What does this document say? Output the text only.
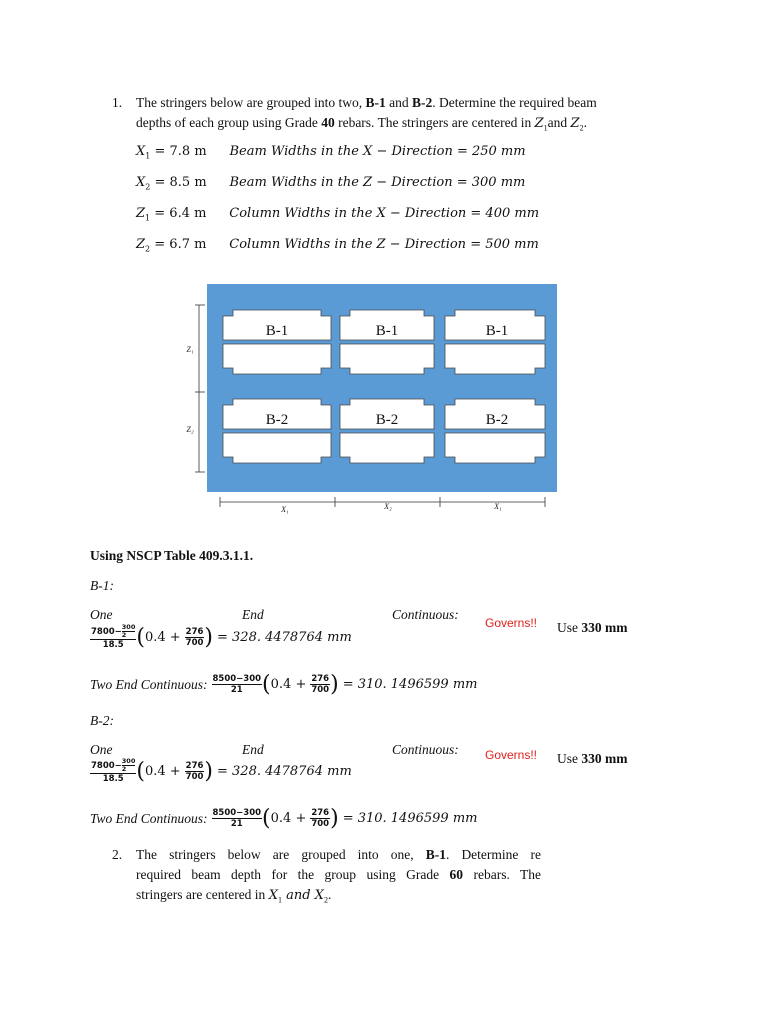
1. The stringers below are grouped into two, B-1 and B-2. Determine the required beam
depths of each group using Grade 40 rebars. The stringers are centered in $Z_1and$ $Z_2$.
$X_1 = 7.8$ m Beam Widths in the X − Direction = 250 mm
$X_2 = 8.5$ m Beam Widths in the Z − Direction = 300 mm
$Z_1 = 6.4$ m Column Widths in the X − Direction = 400 mm
$Z_2 = 6.7$ m Column Widths in the Z − Direction = 500 mm
B-1	B-1	B-1
B-2	B-2	B-2
Z₁
Z₂
X₁	X₂	X₁
Using NSCP Table 409.3.1.1.
B-1:
One	End	Continuous:
Governs!! Use 330 mm
$\frac{7800- \frac{300}{2}}{18.5}$ ( 0.4 +
$\frac{276}{700}$ ) = 328. 4478764 mm
Two End Continuous:
$\frac{8500-300}{21}$ ( 0.4 +
$\frac{276}{700}$ ) = 310. 1496599 mm
B-2:
One	End	Continuous: Governs!! Use 330 mm
$\frac{7800- \frac{300}{2}}{18.5}$ ( 0.4 +
$\frac{276}{700}$ ) = 328. 4478764 mm
Two End Continuous:
$\frac{8500-300}{21}$ ( 0.4 +
$\frac{276}{700}$ ) = 310. 1496599 mm
2. The stringers below are grouped into one, B-1. Determine re
required beam depth for the group using Grade 60 rebars. The
stringers are centered in $X_1$ and $X_2$.
